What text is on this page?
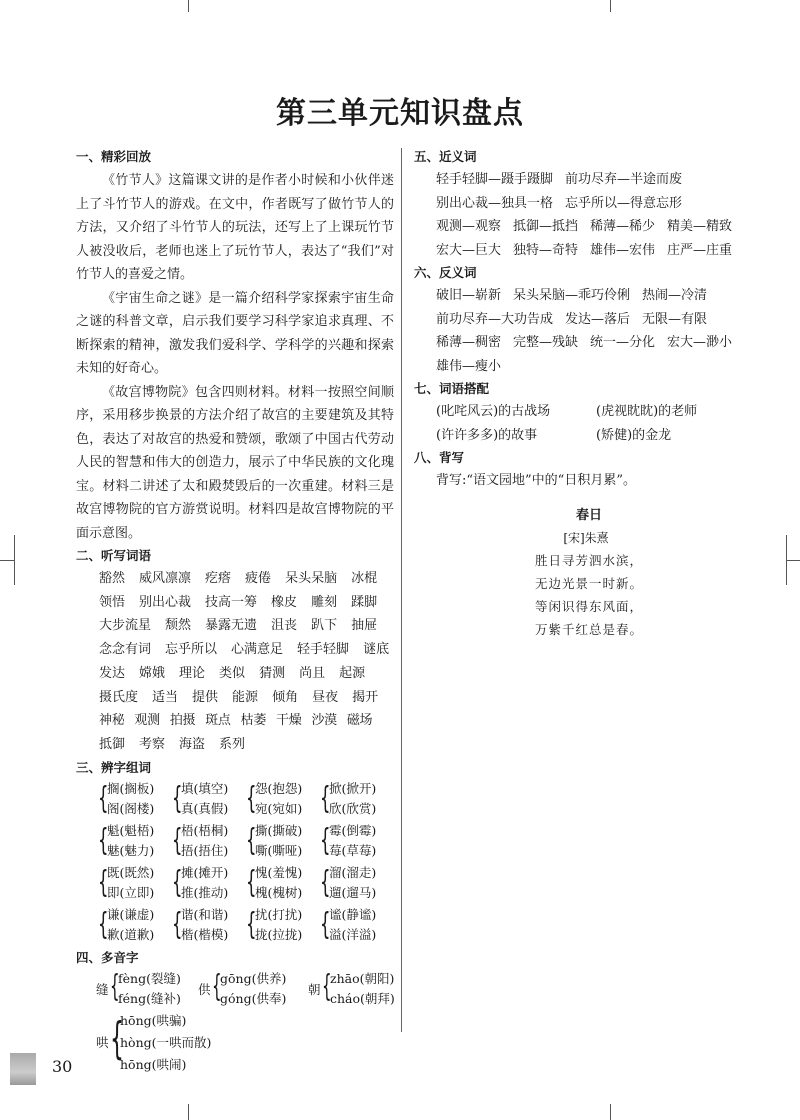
第三单元知识盘点
一、精彩回放

《竹节人》这篇课文讲的是作者小时候和小伙伴迷上了斗竹节人的游戏。在文中，作者既写了做竹节人的方法，又介绍了斗竹节人的玩法，还写上了上课玩竹节人被没收后，老师也迷上了玩竹节人，表达了“我们”对竹节人的喜爱之情。

《宇宙生命之谜》是一篇介绍科学家探索宇宙生命之谜的科普文章，启示我们要学习科学家追求真理、不断探索的精神，激发我们爱科学、学科学的兴趣和探索未知的好奇心。

《故宫博物院》包含四则材料。材料一按照空间顺序，采用移步换景的方法介绍了故宫的主要建筑及其特色，表达了对故宫的热爱和赞颂，歌颂了中国古代劳动人民的智慧和伟大的创造力，展示了中华民族的文化瑰宝。材料二讲述了太和殿焚毁后的一次重建。材料三是故宫博物院的官方游赏说明。材料四是故宫博物院的平面示意图。

二、听写词语
豁然 威风凛凛 疙瘩 疲倦 呆头呆脑 冰棍
领悟 别出心裁 技高一筹 橡皮 雕刻 蹂脚
大步流星 颓然 暴露无遗 沮丧 趴下 抽屉
念念有词 忘乎所以 心满意足 轻手轻脚 谜底
发达 嫦娥 理论 类似 猜测 尚且 起源
摄氏度 适当 提供 能源 倾角 昼夜 揭开
神秘 观测 拍摄 斑点 枯萎 干燥 沙漠 磁场
抵御 考察 海盗 系列
三、辨字组词
{
搁(搁板)
阁(阁楼) {
填(填空)
真(真假) {
怨(抱怨)
宛(宛如) {
掀(掀开)
欣(欣赏)
{
魁(魁梧)
魅(魅力) {
梧(梧桐)
捂(捂住) {
撕(撕破)
嘶(嘶哑) {
霉(倒霉)
莓(草莓)
{
既(既然)
即(立即) {
摊(摊开)
推(推动) {
愧(羞愧)
槐(槐树) {
溜(溜走)
遛(遛马)
{
谦(谦虚)
歉(道歉) {
谐(和谐)
楷(楷模) {
扰(打扰)
拢(拉拢) {
谧(静谧)
溢(洋溢)
四、多音字
缝 {
fèng(裂缝)
féng(缝补)
供 {
gōng(供养)
góng(供奉)
朝 {
zhāo(朝阳)
cháo(朝拜)
哄 {
hōng(哄骗)
hòng(一哄而散)
hōng(哄闹)
五、近义词
轻手轻脚—蹑手蹑脚 前功尽弃—半途而废
别出心裁—独具一格 忘乎所以—得意忘形
观测—观察 抵御—抵挡 稀薄—稀少 精美—精致
宏大—巨大 独特—奇特 雄伟—宏伟 庄严—庄重
六、反义词
破旧—崭新 呆头呆脑—乖巧伶俐 热闹—冷清
前功尽弃—大功告成 发达—落后 无限—有限
稀薄—稠密 完整—残缺 统一—分化 宏大—渺小
雄伟—瘦小
七、词语搭配
(叱咤风云)的古战场	(虎视眈眈)的老师
(许许多多)的故事	(矫健)的金龙
八、背写
背写:“语文园地”中的“日积月累”。
春日
[宋]朱熹
胜日寻芳泗水滨，
无边光景一时新。
等闲识得东风面，
万紫千红总是春。
30
